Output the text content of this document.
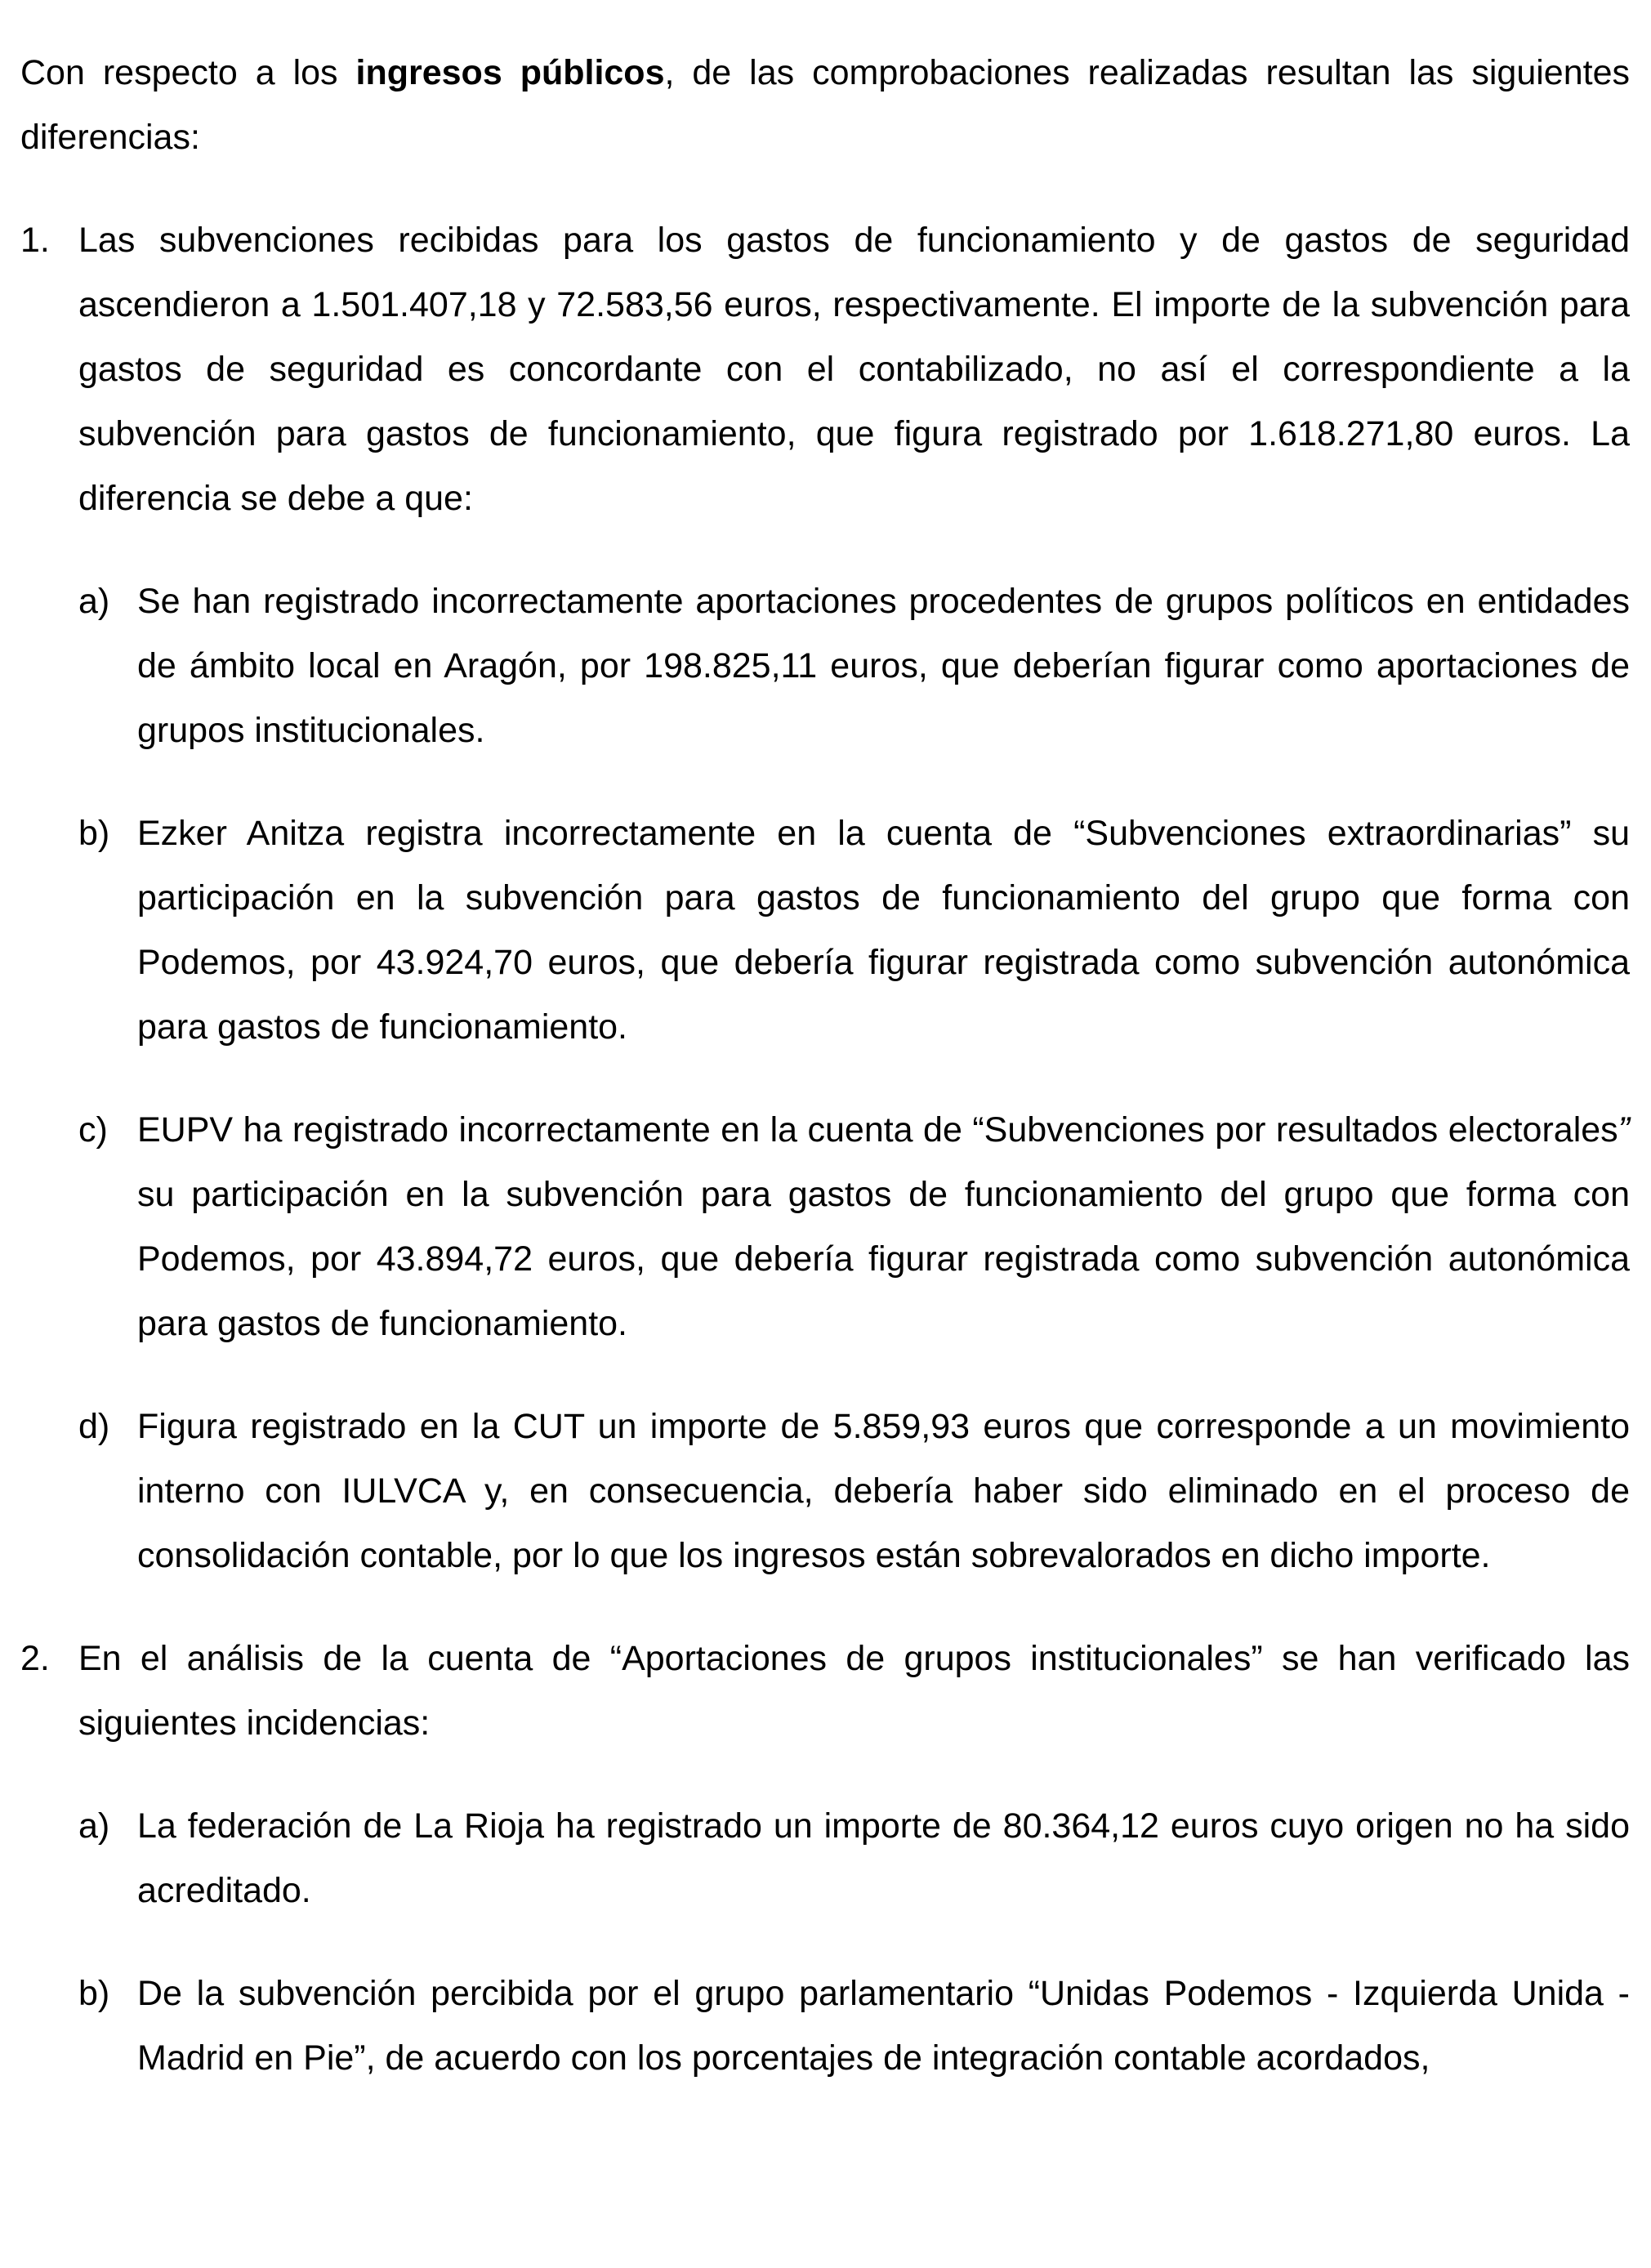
Con respecto a los ingresos públicos, de las comprobaciones realizadas resultan las siguientes diferencias:

1. Las subvenciones recibidas para los gastos de funcionamiento y de gastos de seguridad ascendieron a 1.501.407,18 y 72.583,56 euros, respectivamente. El importe de la subvención para gastos de seguridad es concordante con el contabilizado, no así el correspondiente a la subvención para gastos de funcionamiento, que figura registrado por 1.618.271,80 euros. La diferencia se debe a que:

a) Se han registrado incorrectamente aportaciones procedentes de grupos políticos en entidades de ámbito local en Aragón, por 198.825,11 euros, que deberían figurar como aportaciones de grupos institucionales.

b) Ezker Anitza registra incorrectamente en la cuenta de “Subvenciones extraordinarias” su participación en la subvención para gastos de funcionamiento del grupo que forma con Podemos, por 43.924,70 euros, que debería figurar registrada como subvención autonómica para gastos de funcionamiento.

c) EUPV ha registrado incorrectamente en la cuenta de “Subvenciones por resultados electorales” su participación en la subvención para gastos de funcionamiento del grupo que forma con Podemos, por 43.894,72 euros, que debería figurar registrada como subvención autonómica para gastos de funcionamiento.

d) Figura registrado en la CUT un importe de 5.859,93 euros que corresponde a un movimiento interno con IULVCA y, en consecuencia, debería haber sido eliminado en el proceso de consolidación contable, por lo que los ingresos están sobrevalorados en dicho importe.

2. En el análisis de la cuenta de “Aportaciones de grupos institucionales” se han verificado las siguientes incidencias:

a) La federación de La Rioja ha registrado un importe de 80.364,12 euros cuyo origen no ha sido acreditado.

b) De la subvención percibida por el grupo parlamentario “Unidas Podemos - Izquierda Unida - Madrid en Pie”, de acuerdo con los porcentajes de integración contable acordados,
